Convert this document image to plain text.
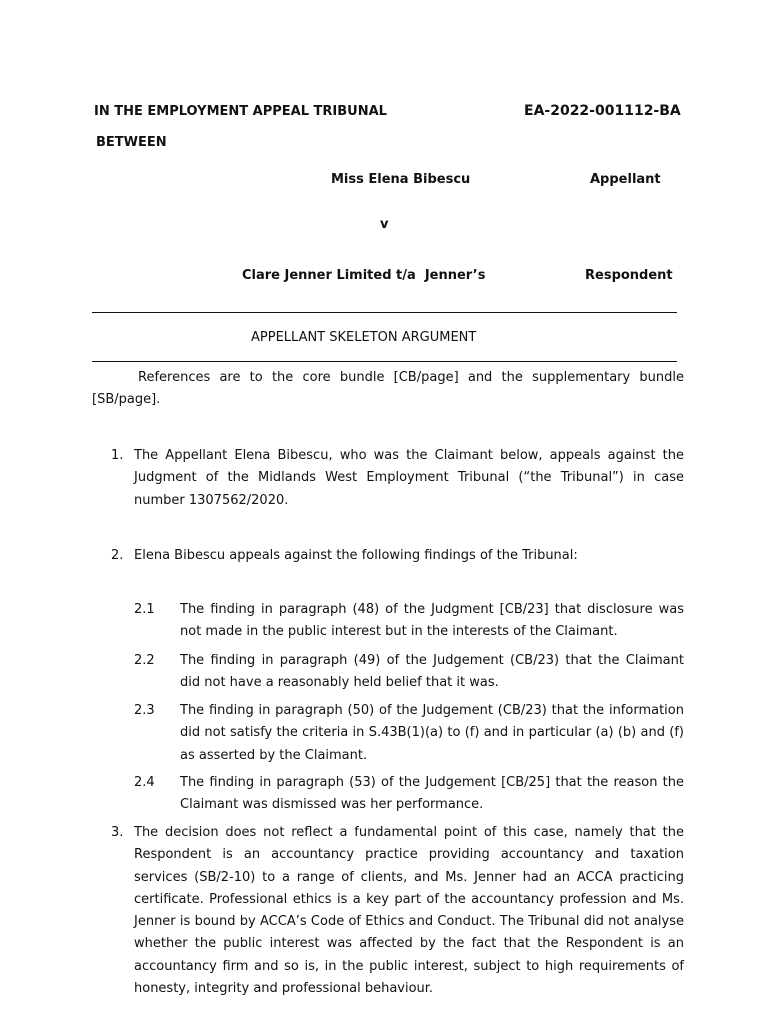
IN THE EMPLOYMENT APPEAL TRIBUNAL	EA-2022-001112-BA
BETWEEN
Miss Elena Bibescu	Appellant
v
Clare Jenner Limited t/a  Jenner’s	Respondent
APPELLANT SKELETON ARGUMENT
References are to the core bundle [CB/page] and the supplementary bundle [SB/page].
1. The Appellant Elena Bibescu, who was the Claimant below, appeals against the Judgment of the Midlands West Employment Tribunal (“the Tribunal”) in case number 1307562/2020.
2. Elena Bibescu appeals against the following findings of the Tribunal:
2.1 The finding in paragraph (48) of the Judgment [CB/23] that disclosure was not made in the public interest but in the interests of the Claimant.
2.2 The finding in paragraph (49) of the Judgement (CB/23) that the Claimant did not have a reasonably held belief that it was.
2.3 The finding in paragraph (50) of the Judgement (CB/23) that the information did not satisfy the criteria in S.43B(1)(a) to (f) and in particular (a) (b) and (f) as asserted by the Claimant.
2.4 The finding in paragraph (53) of the Judgement [CB/25] that the reason the Claimant was dismissed was her performance.
3. The decision does not reflect a fundamental point of this case, namely that the Respondent is an accountancy practice providing accountancy and taxation services (SB/2-10) to a range of clients, and Ms. Jenner had an ACCA practicing certificate. Professional ethics is a key part of the accountancy profession and Ms. Jenner is bound by ACCA’s Code of Ethics and Conduct. The Tribunal did not analyse whether the public interest was affected by the fact that the Respondent is an accountancy firm and so is, in the public interest, subject to high requirements of honesty, integrity and professional behaviour.
